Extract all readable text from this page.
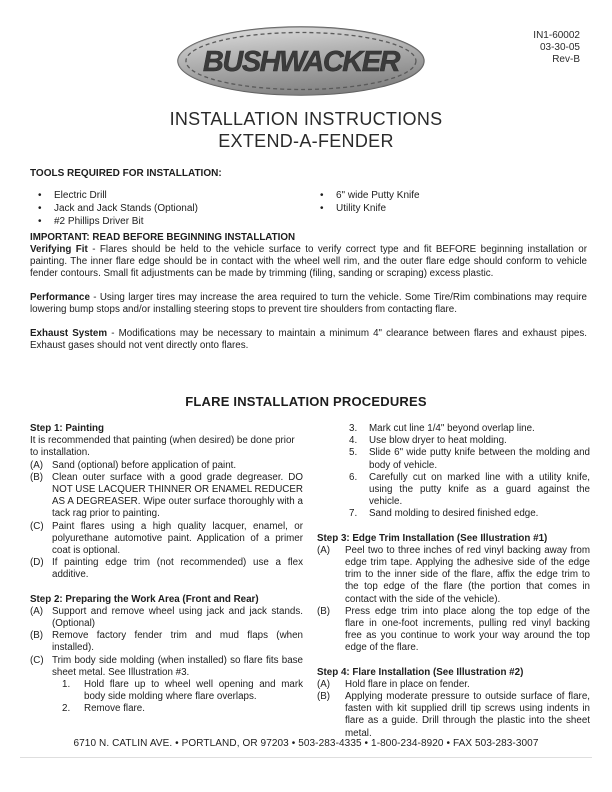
BUSHWACKER
IN1-60002
03-30-05
Rev-B
INSTALLATION INSTRUCTIONS
EXTEND-A-FENDER
TOOLS REQUIRED FOR INSTALLATION:
• Electric Drill
• Jack and Jack Stands (Optional)
• #2 Phillips Driver Bit
• 6" wide Putty Knife
• Utility Knife
IMPORTANT: READ BEFORE BEGINNING INSTALLATION

Verifying Fit - Flares should be held to the vehicle surface to verify correct type and fit BEFORE beginning installation or painting. The inner flare edge should be in contact with the wheel well rim, and the outer flare edge should conform to vehicle fender contours. Small fit adjustments can be made by trimming (filing, sanding or scraping) excess plastic.

Performance - Using larger tires may increase the area required to turn the vehicle. Some Tire/Rim combinations may require lowering bump stops and/or installing steering stops to prevent tire shoulders from contacting flare.

Exhaust System - Modifications may be necessary to maintain a minimum 4" clearance between flares and exhaust pipes. Exhaust gases should not vent directly onto flares.

FLARE INSTALLATION PROCEDURES
Step 1: Painting
It is recommended that painting (when desired) be done prior to installation.
(A) Sand (optional) before application of paint.
(B) Clean outer surface with a good grade degreaser. DO NOT USE LACQUER THINNER OR ENAMEL REDUCER AS A DEGREASER. Wipe outer surface thoroughly with a tack rag prior to painting.
(C) Paint flares using a high quality lacquer, enamel, or polyurethane automotive paint. Application of a primer coat is optional.
(D) If painting edge trim (not recommended) use a flex additive.
Step 2: Preparing the Work Area (Front and Rear)
(A) Support and remove wheel using jack and jack stands. (Optional)
(B) Remove factory fender trim and mud flaps (when installed).
(C) Trim body side molding (when installed) so flare fits base sheet metal. See Illustration #3.
1. Hold flare up to wheel well opening and mark body side molding where flare overlaps.
2. Remove flare.
3. Mark cut line 1/4" beyond overlap line.
4. Use blow dryer to heat molding.
5. Slide 6" wide putty knife between the molding and body of vehicle.
6. Carefully cut on marked line with a utility knife, using the putty knife as a guard against the vehicle.
7. Sand molding to desired finished edge.
Step 3: Edge Trim Installation (See Illustration #1)
(A) Peel two to three inches of red vinyl backing away from edge trim tape. Applying the adhesive side of the edge trim to the inner side of the flare, affix the edge trim to the top edge of the flare (the portion that comes in contact with the side of the vehicle).
(B) Press edge trim into place along the top edge of the flare in one-foot increments, pulling red vinyl backing free as you continue to work your way around the top edge of the flare.
Step 4: Flare Installation (See Illustration #2)
(A) Hold flare in place on fender.
(B) Applying moderate pressure to outside surface of flare, fasten with kit supplied drill tip screws using indents in flare as a guide. Drill through the plastic into the sheet metal.
6710 N. CATLIN AVE. • PORTLAND, OR 97203 • 503-283-4335 • 1-800-234-8920 • FAX 503-283-3007
